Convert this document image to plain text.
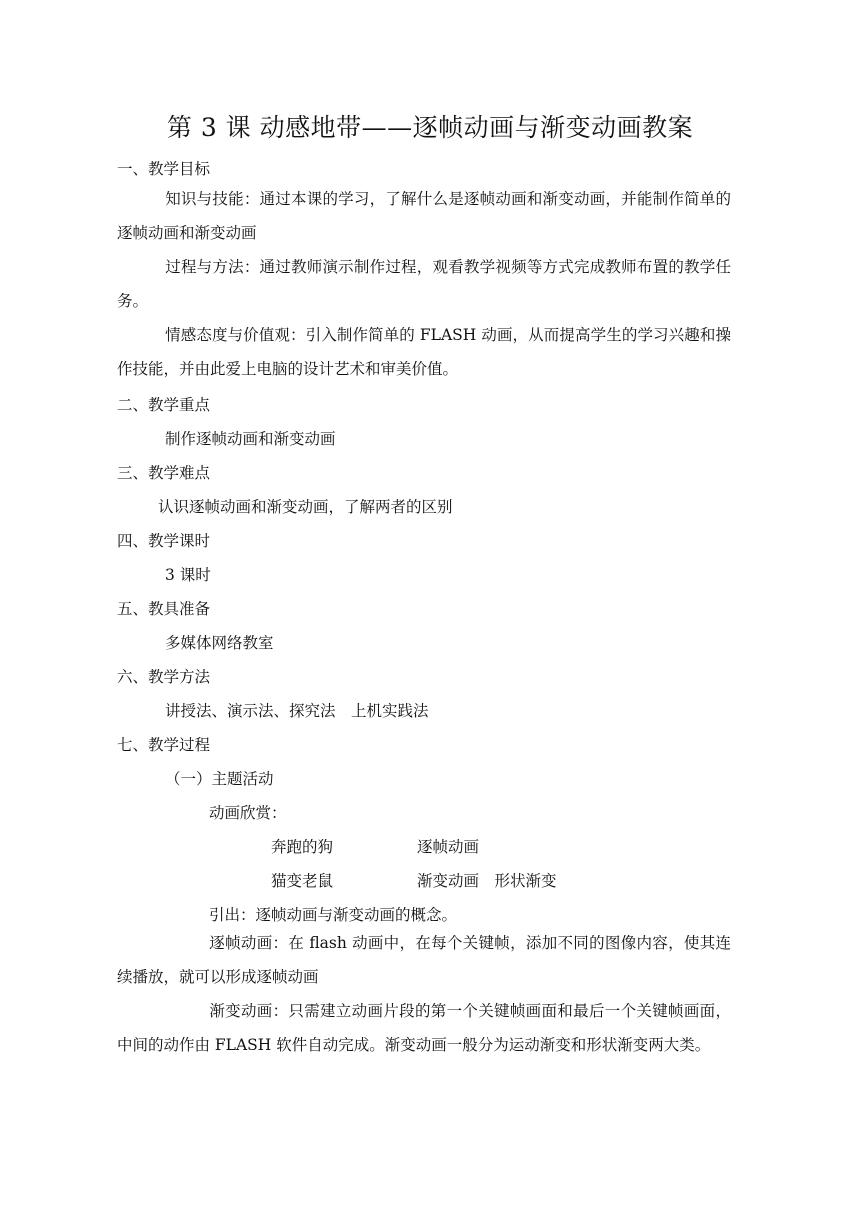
第 3 课 动感地带——逐帧动画与渐变动画教案
一、教学目标
知识与技能：通过本课的学习，了解什么是逐帧动画和渐变动画，并能制作简单的逐帧动画和渐变动画
过程与方法：通过教师演示制作过程，观看教学视频等方式完成教师布置的教学任务。
情感态度与价值观：引入制作简单的 FLASH 动画，从而提高学生的学习兴趣和操作技能，并由此爱上电脑的设计艺术和审美价值。
二、教学重点
制作逐帧动画和渐变动画
三、教学难点
认识逐帧动画和渐变动画，了解两者的区别
四、教学课时
3 课时
五、教具准备
多媒体网络教室
六、教学方法
讲授法、演示法、探究法　上机实践法
七、教学过程
（一）主题活动
动画欣赏：
奔跑的狗	逐帧动画
猫变老鼠	渐变动画　形状渐变
引出：逐帧动画与渐变动画的概念。
逐帧动画：在 flash 动画中，在每个关键帧，添加不同的图像内容，使其连续播放，就可以形成逐帧动画
渐变动画：只需建立动画片段的第一个关键帧画面和最后一个关键帧画面，中间的动作由 FLASH 软件自动完成。渐变动画一般分为运动渐变和形状渐变两大类。
